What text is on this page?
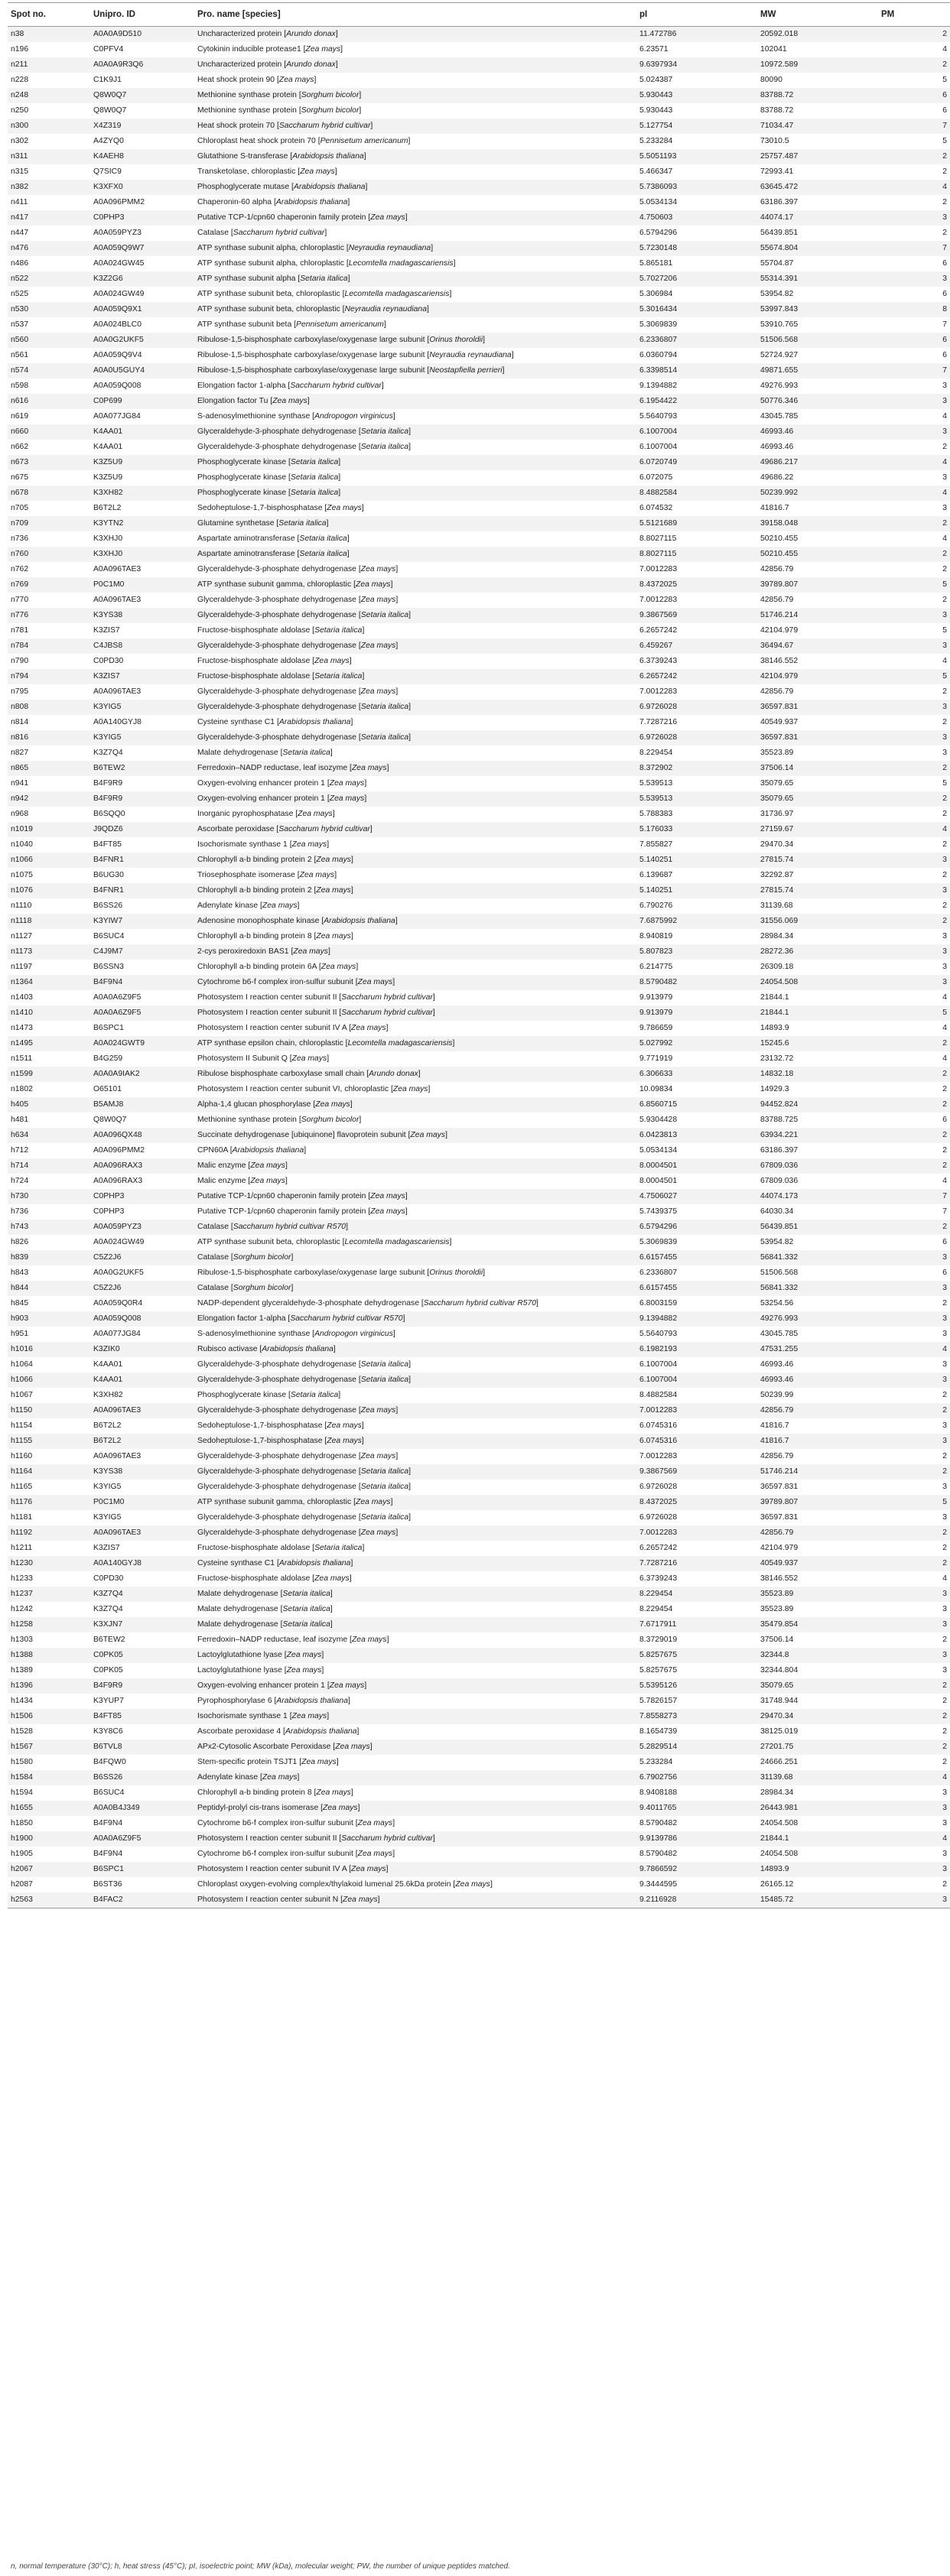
Spot no.	Unipro. ID	Pro. name [species]	pI	MW	PM
n38	A0A0A9D510	Uncharacterized protein [Arundo donax]	11.472786	20592.018	2
n196	C0PFV4	Cytokinin inducible protease1 [Zea mays]	6.23571	102041	4
n211	A0A0A9R3Q6	Uncharacterized protein [Arundo donax]	9.6397934	10972.589	2
n228	C1K9J1	Heat shock protein 90 [Zea mays]	5.024387	80090	5
n248	Q8W0Q7	Methionine synthase protein [Sorghum bicolor]	5.930443	83788.72	6
n250	Q8W0Q7	Methionine synthase protein [Sorghum bicolor]	5.930443	83788.72	6
n300	X4Z319	Heat shock protein 70 [Saccharum hybrid cultivar]	5.127754	71034.47	7
n302	A4ZYQ0	Chloroplast heat shock protein 70 [Pennisetum americanum]	5.233284	73010.5	5
n311	K4AEH8	Glutathione S-transferase [Arabidopsis thaliana]	5.5051193	25757.487	2
n315	Q7SIC9	Transketolase, chloroplastic [Zea mays]	5.466347	72993.41	2
n382	K3XFX0	Phosphoglycerate mutase [Arabidopsis thaliana]	5.7386093	63645.472	4
n411	A0A096PMM2	Chaperonin-60 alpha [Arabidopsis thaliana]	5.0534134	63186.397	2
n417	C0PHP3	Putative TCP-1/cpn60 chaperonin family protein [Zea mays]	4.750603	44074.17	3
n447	A0A059PYZ3	Catalase [Saccharum hybrid cultivar]	6.5794296	56439.851	2
n476	A0A059Q9W7	ATP synthase subunit alpha, chloroplastic [Neyraudia reynaudiana]	5.7230148	55674.804	7
n486	A0A024GW45	ATP synthase subunit alpha, chloroplastic [Lecomtella madagascariensis]	5.865181	55704.87	6
n522	K3Z2G6	ATP synthase subunit alpha [Setaria italica]	5.7027206	55314.391	3
n525	A0A024GW49	ATP synthase subunit beta, chloroplastic [Lecomtella madagascariensis]	5.306984	53954.82	6
n530	A0A059Q9X1	ATP synthase subunit beta, chloroplastic [Neyraudia reynaudiana]	5.3016434	53997.843	8
n537	A0A024BLC0	ATP synthase subunit beta [Pennisetum americanum]	5.3069839	53910.765	7
n560	A0A0G2UKF5	Ribulose-1,5-bisphosphate carboxylase/oxygenase large subunit [Orinus thoroldii]	6.2336807	51506.568	6
n561	A0A059Q9V4	Ribulose-1,5-bisphosphate carboxylase/oxygenase large subunit [Neyraudia reynaudiana]	6.0360794	52724.927	6
n574	A0A0U5GUY4	Ribulose-1,5-bisphosphate carboxylase/oxygenase large subunit [Neostapfiella perrieri]	6.3398514	49871.655	7
n598	A0A059Q008	Elongation factor 1-alpha [Saccharum hybrid cultivar]	9.1394882	49276.993	3
n616	C0P699	Elongation factor Tu [Zea mays]	6.1954422	50776.346	3
n619	A0A077JG84	S-adenosylmethionine synthase [Andropogon virginicus]	5.5640793	43045.785	4
n660	K4AA01	Glyceraldehyde-3-phosphate dehydrogenase [Setaria italica]	6.1007004	46993.46	3
n662	K4AA01	Glyceraldehyde-3-phosphate dehydrogenase [Setaria italica]	6.1007004	46993.46	2
n673	K3Z5U9	Phosphoglycerate kinase [Setaria italica]	6.0720749	49686.217	4
n675	K3Z5U9	Phosphoglycerate kinase [Setaria italica]	6.072075	49686.22	3
n678	K3XH82	Phosphoglycerate kinase [Setaria italica]	8.4882584	50239.992	4
n705	B6T2L2	Sedoheptulose-1,7-bisphosphatase [Zea mays]	6.074532	41816.7	3
n709	K3YTN2	Glutamine synthetase [Setaria italica]	5.5121689	39158.048	2
n736	K3XHJ0	Aspartate aminotransferase [Setaria italica]	8.8027115	50210.455	4
n760	K3XHJ0	Aspartate aminotransferase [Setaria italica]	8.8027115	50210.455	2
n762	A0A096TAE3	Glyceraldehyde-3-phosphate dehydrogenase [Zea mays]	7.0012283	42856.79	2
n769	P0C1M0	ATP synthase subunit gamma, chloroplastic [Zea mays]	8.4372025	39789.807	5
n770	A0A096TAE3	Glyceraldehyde-3-phosphate dehydrogenase [Zea mays]	7.0012283	42856.79	2
n776	K3YS38	Glyceraldehyde-3-phosphate dehydrogenase [Setaria italica]	9.3867569	51746.214	3
n781	K3ZIS7	Fructose-bisphosphate aldolase [Setaria italica]	6.2657242	42104.979	5
n784	C4JBS8	Glyceraldehyde-3-phosphate dehydrogenase [Zea mays]	6.459267	36494.67	3
n790	C0PD30	Fructose-bisphosphate aldolase [Zea mays]	6.3739243	38146.552	4
n794	K3ZIS7	Fructose-bisphosphate aldolase [Setaria italica]	6.2657242	42104.979	5
n795	A0A096TAE3	Glyceraldehyde-3-phosphate dehydrogenase [Zea mays]	7.0012283	42856.79	2
n808	K3YIG5	Glyceraldehyde-3-phosphate dehydrogenase [Setaria italica]	6.9726028	36597.831	3
n814	A0A140GYJ8	Cysteine synthase C1 [Arabidopsis thaliana]	7.7287216	40549.937	2
n816	K3YIG5	Glyceraldehyde-3-phosphate dehydrogenase [Setaria italica]	6.9726028	36597.831	3
n827	K3Z7Q4	Malate dehydrogenase [Setaria italica]	8.229454	35523.89	3
n865	B6TEW2	Ferredoxin–NADP reductase, leaf isozyme [Zea mays]	8.372902	37506.14	2
n941	B4F9R9	Oxygen-evolving enhancer protein 1 [Zea mays]	5.539513	35079.65	5
n942	B4F9R9	Oxygen-evolving enhancer protein 1 [Zea mays]	5.539513	35079.65	2
n968	B6SQQ0	Inorganic pyrophosphatase [Zea mays]	5.788383	31736.97	2
n1019	J9QDZ6	Ascorbate peroxidase [Saccharum hybrid cultivar]	5.176033	27159.67	4
n1040	B4FT85	Isochorismate synthase 1 [Zea mays]	7.855827	29470.34	2
n1066	B4FNR1	Chlorophyll a-b binding protein 2 [Zea mays]	5.140251	27815.74	3
n1075	B6UG30	Triosephosphate isomerase [Zea mays]	6.139687	32292.87	2
n1076	B4FNR1	Chlorophyll a-b binding protein 2 [Zea mays]	5.140251	27815.74	3
n1110	B6SS26	Adenylate kinase [Zea mays]	6.790276	31139.68	2
n1118	K3YIW7	Adenosine monophosphate kinase [Arabidopsis thaliana]	7.6875992	31556.069	2
n1127	B6SUC4	Chlorophyll a-b binding protein 8 [Zea mays]	8.940819	28984.34	3
n1173	C4J9M7	2-cys peroxiredoxin BAS1 [Zea mays]	5.807823	28272.36	3
n1197	B6SSN3	Chlorophyll a-b binding protein 6A [Zea mays]	6.214775	26309.18	3
n1364	B4F9N4	Cytochrome b6-f complex iron-sulfur subunit [Zea mays]	8.5790482	24054.508	3
n1403	A0A0A6Z9F5	Photosystem I reaction center subunit II [Saccharum hybrid cultivar]	9.913979	21844.1	4
n1410	A0A0A6Z9F5	Photosystem I reaction center subunit II [Saccharum hybrid cultivar]	9.913979	21844.1	5
n1473	B6SPC1	Photosystem I reaction center subunit IV A [Zea mays]	9.786659	14893.9	4
n1495	A0A024GWT9	ATP synthase epsilon chain, chloroplastic [Lecomtella madagascariensis]	5.027992	15245.6	2
n1511	B4G259	Photosystem II Subunit Q [Zea mays]	9.771919	23132.72	4
n1599	A0A0A9IAK2	Ribulose bisphosphate carboxylase small chain [Arundo donax]	6.306633	14832.18	2
n1802	O65101	Photosystem I reaction center subunit VI, chloroplastic [Zea mays]	10.09834	14929.3	2
h405	B5AMJ8	Alpha-1,4 glucan phosphorylase [Zea mays]	6.8560715	94452.824	2
h481	Q8W0Q7	Methionine synthase protein [Sorghum bicolor]	5.9304428	83788.725	6
h634	A0A096QX48	Succinate dehydrogenase [ubiquinone] flavoprotein subunit [Zea mays]	6.0423813	63934.221	2
h712	A0A096PMM2	CPN60A [Arabidopsis thaliana]	5.0534134	63186.397	2
h714	A0A096RAX3	Malic enzyme [Zea mays]	8.0004501	67809.036	2
h724	A0A096RAX3	Malic enzyme [Zea mays]	8.0004501	67809.036	4
h730	C0PHP3	Putative TCP-1/cpn60 chaperonin family protein [Zea mays]	4.7506027	44074.173	7
h736	C0PHP3	Putative TCP-1/cpn60 chaperonin family protein [Zea mays]	5.7439375	64030.34	7
h743	A0A059PYZ3	Catalase [Saccharum hybrid cultivar R570]	6.5794296	56439.851	2
h826	A0A024GW49	ATP synthase subunit beta, chloroplastic [Lecomtella madagascariensis]	5.3069839	53954.82	6
h839	C5Z2J6	Catalase [Sorghum bicolor]	6.6157455	56841.332	3
h843	A0A0G2UKF5	Ribulose-1,5-bisphosphate carboxylase/oxygenase large subunit [Orinus thoroldii]	6.2336807	51506.568	6
h844	C5Z2J6	Catalase [Sorghum bicolor]	6.6157455	56841.332	3
h845	A0A059Q0R4	NADP-dependent glyceraldehyde-3-phosphate dehydrogenase [Saccharum hybrid cultivar R570]	6.8003159	53254.56	2
h903	A0A059Q008	Elongation factor 1-alpha [Saccharum hybrid cultivar R570]	9.1394882	49276.993	3
h951	A0A077JG84	S-adenosylmethionine synthase [Andropogon virginicus]	5.5640793	43045.785	3
h1016	K3ZIK0	Rubisco activase [Arabidopsis thaliana]	6.1982193	47531.255	4
h1064	K4AA01	Glyceraldehyde-3-phosphate dehydrogenase [Setaria italica]	6.1007004	46993.46	3
h1066	K4AA01	Glyceraldehyde-3-phosphate dehydrogenase [Setaria italica]	6.1007004	46993.46	3
h1067	K3XH82	Phosphoglycerate kinase [Setaria italica]	8.4882584	50239.99	2
h1150	A0A096TAE3	Glyceraldehyde-3-phosphate dehydrogenase [Zea mays]	7.0012283	42856.79	2
h1154	B6T2L2	Sedoheptulose-1,7-bisphosphatase [Zea mays]	6.0745316	41816.7	3
h1155	B6T2L2	Sedoheptulose-1,7-bisphosphatase [Zea mays]	6.0745316	41816.7	3
h1160	A0A096TAE3	Glyceraldehyde-3-phosphate dehydrogenase [Zea mays]	7.0012283	42856.79	2
h1164	K3YS38	Glyceraldehyde-3-phosphate dehydrogenase [Setaria italica]	9.3867569	51746.214	2
h1165	K3YIG5	Glyceraldehyde-3-phosphate dehydrogenase [Setaria italica]	6.9726028	36597.831	3
h1176	P0C1M0	ATP synthase subunit gamma, chloroplastic [Zea mays]	8.4372025	39789.807	5
h1181	K3YIG5	Glyceraldehyde-3-phosphate dehydrogenase [Setaria italica]	6.9726028	36597.831	3
h1192	A0A096TAE3	Glyceraldehyde-3-phosphate dehydrogenase [Zea mays]	7.0012283	42856.79	2
h1211	K3ZIS7	Fructose-bisphosphate aldolase [Setaria italica]	6.2657242	42104.979	2
h1230	A0A140GYJ8	Cysteine synthase C1 [Arabidopsis thaliana]	7.7287216	40549.937	2
h1233	C0PD30	Fructose-bisphosphate aldolase [Zea mays]	6.3739243	38146.552	4
h1237	K3Z7Q4	Malate dehydrogenase [Setaria italica]	8.229454	35523.89	3
h1242	K3Z7Q4	Malate dehydrogenase [Setaria italica]	8.229454	35523.89	3
h1258	K3XJN7	Malate dehydrogenase [Setaria italica]	7.6717911	35479.854	3
h1303	B6TEW2	Ferredoxin–NADP reductase, leaf isozyme [Zea mays]	8.3729019	37506.14	2
h1388	C0PK05	Lactoylglutathione lyase [Zea mays]	5.8257675	32344.8	3
h1389	C0PK05	Lactoylglutathione lyase [Zea mays]	5.8257675	32344.804	3
h1396	B4F9R9	Oxygen-evolving enhancer protein 1 [Zea mays]	5.5395126	35079.65	2
h1434	K3YUP7	Pyrophosphorylase 6 [Arabidopsis thaliana]	5.7826157	31748.944	2
h1506	B4FT85	Isochorismate synthase 1 [Zea mays]	7.8558273	29470.34	2
h1528	K3Y8C6	Ascorbate peroxidase 4 [Arabidopsis thaliana]	8.1654739	38125.019	2
h1567	B6TVL8	APx2-Cytosolic Ascorbate Peroxidase [Zea mays]	5.2829514	27201.75	2
h1580	B4FQW0	Stem-specific protein TSJT1 [Zea mays]	5.233284	24666.251	2
h1584	B6SS26	Adenylate kinase [Zea mays]	6.7902756	31139.68	4
h1594	B6SUC4	Chlorophyll a-b binding protein 8 [Zea mays]	8.9408188	28984.34	3
h1655	A0A0B4J349	Peptidyl-prolyl cis-trans isomerase [Zea mays]	9.4011765	26443.981	3
h1850	B4F9N4	Cytochrome b6-f complex iron-sulfur subunit [Zea mays]	8.5790482	24054.508	3
h1900	A0A0A6Z9F5	Photosystem I reaction center subunit II [Saccharum hybrid cultivar]	9.9139786	21844.1	4
h1905	B4F9N4	Cytochrome b6-f complex iron-sulfur subunit [Zea mays]	8.5790482	24054.508	3
h2067	B6SPC1	Photosystem I reaction center subunit IV A [Zea mays]	9.7866592	14893.9	3
h2087	B6ST36	Chloroplast oxygen-evolving complex/thylakoid lumenal 25.6kDa protein [Zea mays]	9.3444595	26165.12	2
h2563	B4FAC2	Photosystem I reaction center subunit N [Zea mays]	9.2116928	15485.72	3
n, normal temperature (30°C); h, heat stress (45°C); pI, isoelectric point; MW (kDa), molecular weight; PW, the number of unique peptides matched.
